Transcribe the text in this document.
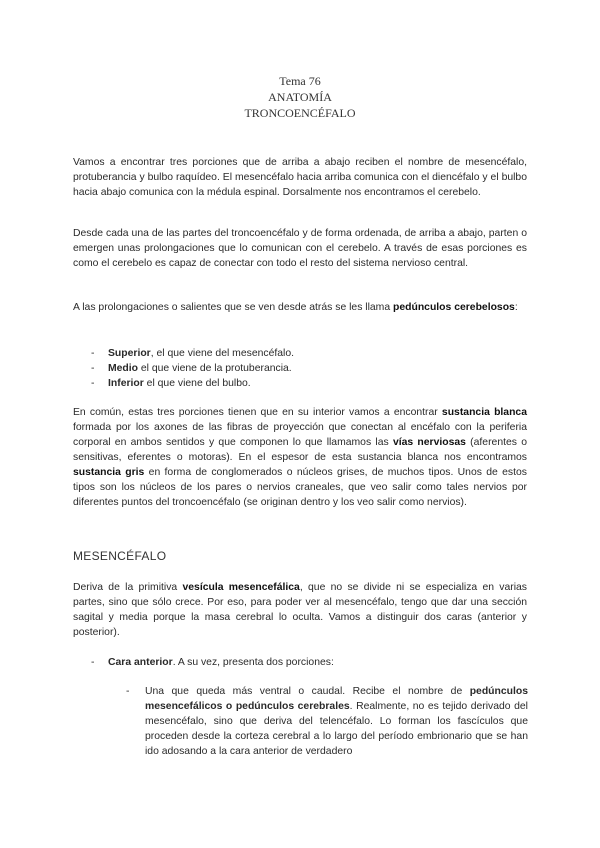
Tema 76
ANATOMÍA
TRONCOENCÉFALO
Vamos a encontrar tres porciones que de arriba a abajo reciben el nombre de mesencéfalo, protuberancia y bulbo raquídeo. El mesencéfalo hacia arriba comunica con el diencéfalo y el bulbo hacia abajo comunica con la médula espinal. Dorsalmente nos encontramos el cerebelo.
Desde cada una de las partes del troncoencéfalo y de forma ordenada, de arriba a abajo, parten o emergen unas prolongaciones que lo comunican con el cerebelo. A través de esas porciones es como el cerebelo es capaz de conectar con todo el resto del sistema nervioso central.
A las prolongaciones o salientes que se ven desde atrás se les llama pedúnculos cerebelosos:
- Superior, el que viene del mesencéfalo.
- Medio el que viene de la protuberancia.
- Inferior el que viene del bulbo.
En común, estas tres porciones tienen que en su interior vamos a encontrar sustancia blanca formada por los axones de las fibras de proyección que conectan al encéfalo con la periferia corporal en ambos sentidos y que componen lo que llamamos las vías nerviosas (aferentes o sensitivas, eferentes o motoras). En el espesor de esta sustancia blanca nos encontramos sustancia gris en forma de conglomerados o núcleos grises, de muchos tipos. Unos de estos tipos son los núcleos de los pares o nervios craneales, que veo salir como tales nervios por diferentes puntos del troncoencéfalo (se originan dentro y los veo salir como nervios).
MESENCÉFALO
Deriva de la primitiva vesícula mesencefálica, que no se divide ni se especializa en varias partes, sino que sólo crece. Por eso, para poder ver al mesencéfalo, tengo que dar una sección sagital y media porque la masa cerebral lo oculta. Vamos a distinguir dos caras (anterior y posterior).
- Cara anterior. A su vez, presenta dos porciones:
- Una que queda más ventral o caudal. Recibe el nombre de pedúnculos mesencefálicos o pedúnculos cerebrales. Realmente, no es tejido derivado del mesencéfalo, sino que deriva del telencéfalo. Lo forman los fascículos que proceden desde la corteza cerebral a lo largo del período embrionario que se han ido adosando a la cara anterior de verdadero
